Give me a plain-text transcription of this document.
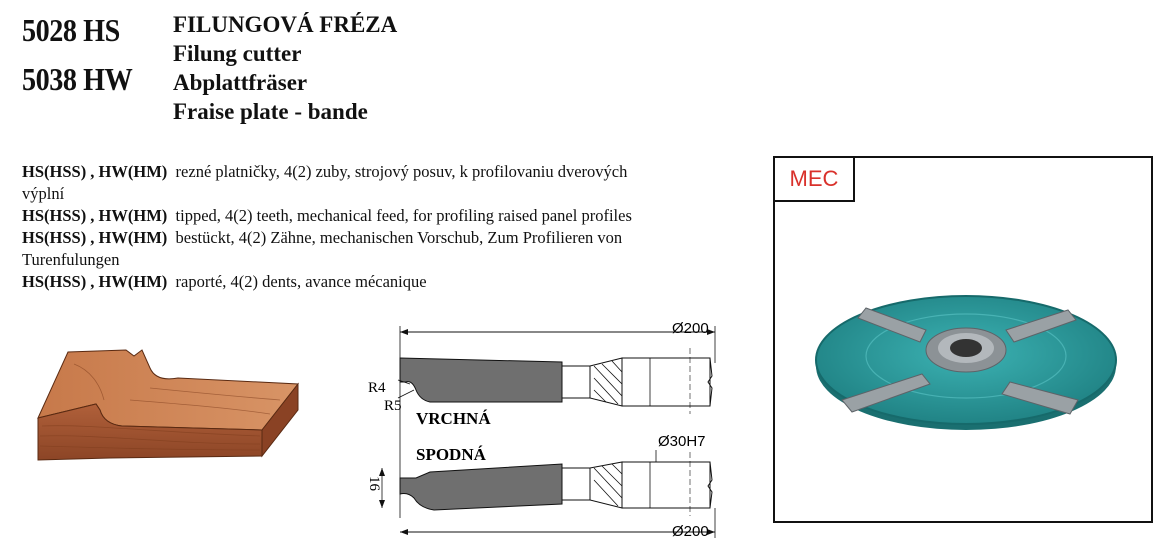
5028 HS
5038 HW
FILUNGOVÁ FRÉZA
Filung cutter
Abplattfräser
Fraise plate - bande
HS(HSS) , HW(HM) rezné platničky, 4(2) zuby, strojový posuv, k profilovaniu dverových
výplní
HS(HSS) , HW(HM) tipped, 4(2) teeth, mechanical feed, for profiling raised panel profiles
HS(HSS) , HW(HM) bestückt, 4(2) Zähne, mechanischen Vorschub, Zum Profilieren von
Turenfulungen
HS(HSS) , HW(HM) raporté, 4(2) dents, avance mécanique
R4
R5
Ø200
VRCHNÁ
SPODNÁ
Ø30H7
16
Ø200
MEC
